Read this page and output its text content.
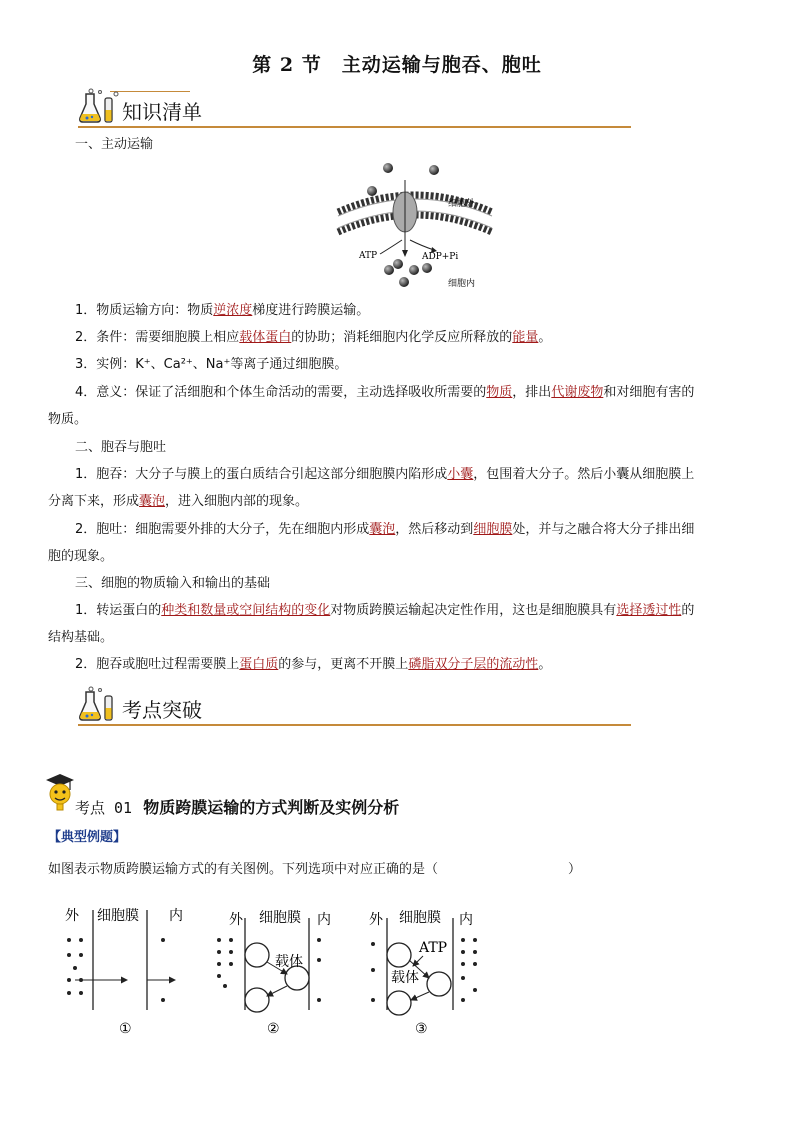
第 2 节　主动运输与胞吞、胞吐
知识清单
一、主动运输
细胞外
ATP	ADP+Pi
细胞内
1．物质运输方向：物质逆浓度梯度进行跨膜运输。
2．条件：需要细胞膜上相应载体蛋白的协助；消耗细胞内化学反应所释放的能量。
3．实例：K⁺、Ca²⁺、Na⁺等离子通过细胞膜。
4．意义：保证了活细胞和个体生命活动的需要，主动选择吸收所需要的物质，排出代谢废物和对细胞有害的
物质。
二、胞吞与胞吐
1．胞吞：大分子与膜上的蛋白质结合引起这部分细胞膜内陷形成小囊，包围着大分子。然后小囊从细胞膜上
分离下来，形成囊泡，进入细胞内部的现象。
2．胞吐：细胞需要外排的大分子，先在细胞内形成囊泡，然后移动到细胞膜处，并与之融合将大分子排出细
胞的现象。
三、细胞的物质输入和输出的基础
1．转运蛋白的种类和数量或空间结构的变化对物质跨膜运输起决定性作用，这也是细胞膜具有选择透过性的
结构基础。
2．胞吞或胞吐过程需要膜上蛋白质的参与，更离不开膜上磷脂双分子层的流动性。
考点突破
考点 01 物质跨膜运输的方式判断及实例分析
【典型例题】
如图表示物质跨膜运输方式的有关图例。下列选项中对应正确的是（　　　　　　　　　　）
外 细胞膜 内
①
外 细胞膜 内
载体
②
外 细胞膜 内
ATP
载体
③
